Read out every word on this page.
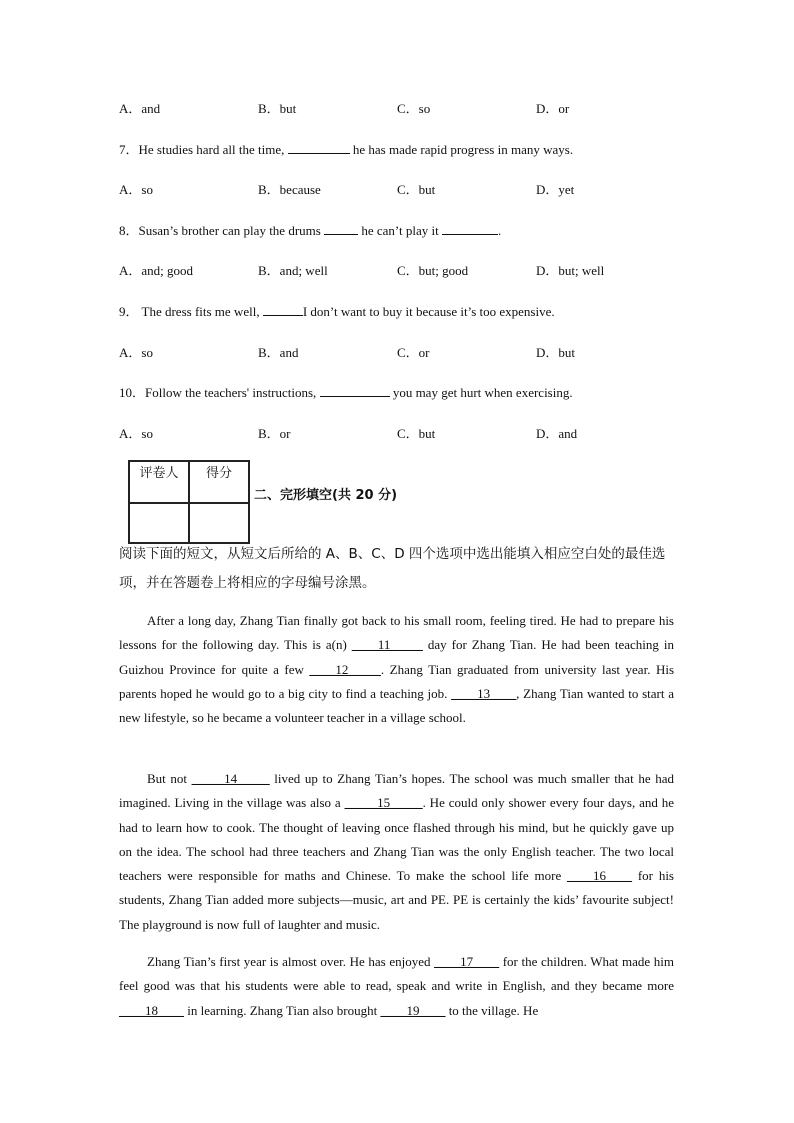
A．and	B．but	C．so	D．or
7．He studies hard all the time,	he has made rapid progress in many ways.
A．so	B．because	C．but	D．yet
8．Susan’s brother can play the drums	he can’t play it	.
A．and; good	B．and; well	C．but; good	D．but; well
9． The dress fits me well,	I don’t want to buy it because it’s too expensive.
A．so	B．and	C．or	D．but
10．Follow the teachers' instructions,	you may get hurt when exercising.
A．so	B．or	C．but	D．and
评卷人	得分

二、完形填空(共 20 分)
阅读下面的短文，从短文后所给的 A、B、C、D 四个选项中选出能填入相应空白处的最佳选项，并在答题卷上将相应的字母编号涂黑。

After a long day, Zhang Tian finally got back to his small room, feeling tired. He had to prepare his lessons for the following day. This is a(n) ____11_____ day for Zhang Tian. He had been teaching in Guizhou Province for quite a few ____12_____. Zhang Tian graduated from university last year. His parents hoped he would go to a big city to find a teaching job. ____13____, Zhang Tian wanted to start a new lifestyle, so he became a volunteer teacher in a village school.

But not _____14_____ lived up to Zhang Tian’s hopes. The school was much smaller that he had imagined. Living in the village was also a _____15_____. He could only shower every four days, and he had to learn how to cook. The thought of leaving once flashed through his mind, but he quickly gave up on the idea. The school had three teachers and Zhang Tian was the only English teacher. The two local teachers were responsible for maths and Chinese. To make the school life more ____16____ for his students, Zhang Tian added more subjects—music, art and PE. PE is certainly the kids’ favourite subject! The playground is now full of laughter and music.

Zhang Tian’s first year is almost over. He has enjoyed ____17____ for the children. What made him feel good was that his students were able to read, speak and write in English, and they became more ____18____ in learning. Zhang Tian also brought ____19____ to the village. He
